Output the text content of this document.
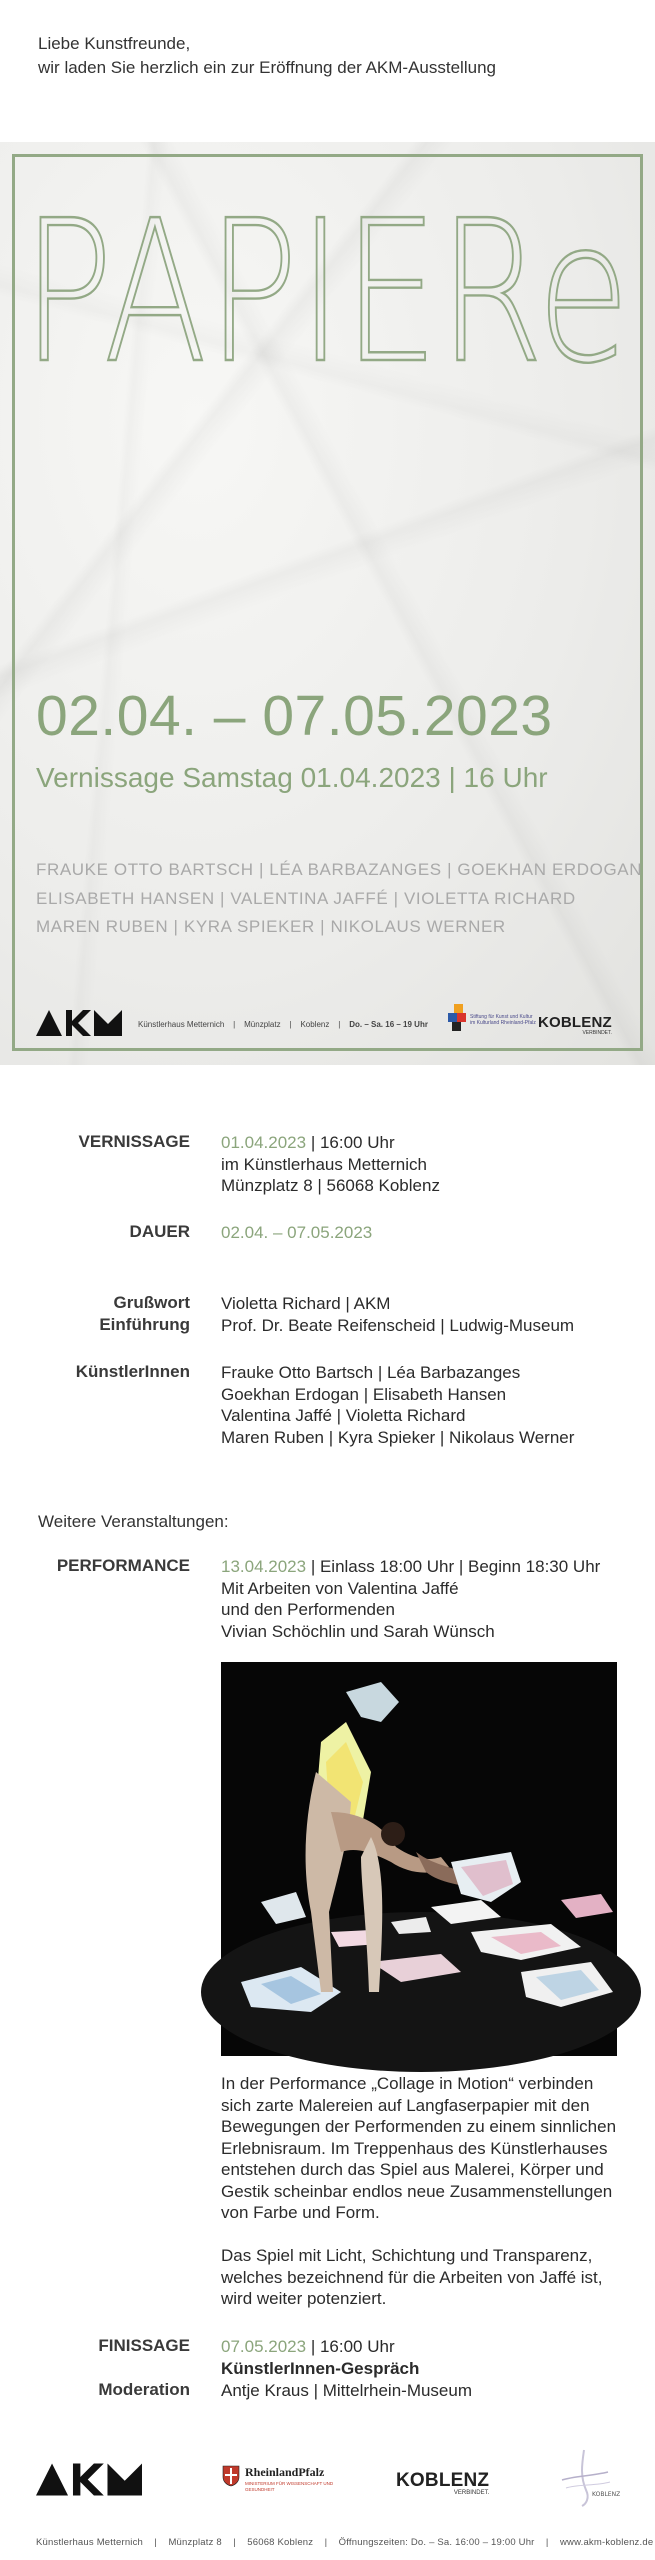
Liebe Kunstfreunde,
wir laden Sie herzlich ein zur Eröffnung der AKM-Ausstellung
PAPIERe
02.04. – 07.05.2023
Vernissage Samstag 01.04.2023 | 16 Uhr
FRAUKE OTTO BARTSCH | LÉA BARBAZANGES | GOEKHAN ERDOGAN
ELISABETH HANSEN | VALENTINA JAFFÉ | VIOLETTA RICHARD
MAREN RUBEN | KYRA SPIEKER | NIKOLAUS WERNER
Künstlerhaus Metternich | Münzplatz | Koblenz | Do. – Sa. 16 – 19 Uhr
Stiftung für Kunst und Kultur im Kulturland Rheinland-Pfalz KOBLENZ
VERBINDET.
VERNISSAGE 01.04.2023 | 16:00 Uhr
im Künstlerhaus Metternich
Münzplatz 8 | 56068 Koblenz
DAUER 02.04. – 07.05.2023
Grußwort Violetta Richard | AKM
Einführung Prof. Dr. Beate Reifenscheid | Ludwig-Museum
KünstlerInnen Frauke Otto Bartsch | Léa Barbazanges
Goekhan Erdogan | Elisabeth Hansen
Valentina Jaffé | Violetta Richard
Maren Ruben | Kyra Spieker | Nikolaus Werner
Weitere Veranstaltungen:
PERFORMANCE 13.04.2023 | Einlass 18:00 Uhr | Beginn 18:30 Uhr
Mit Arbeiten von Valentina Jaffé
und den Performenden
Vivian Schöchlin und Sarah Wünsch
In der Performance „Collage in Motion“ verbinden sich zarte Malereien auf Langfaserpapier mit den Bewegungen der Performenden zu einem sinnlichen Erlebnisraum. Im Treppenhaus des Künstlerhauses entstehen durch das Spiel aus Malerei, Körper und Gestik scheinbar endlos neue Zusammenstellungen von Farbe und Form.
Das Spiel mit Licht, Schichtung und Transparenz, welches bezeichnend für die Arbeiten von Jaffé ist, wird weiter potenziert.
FINISSAGE 07.05.2023 | 16:00 Uhr
KünstlerInnen-Gespräch
Moderation Antje Kraus | Mittelrhein-Museum
RheinlandPfalz
MINISTERIUM FÜR WISSENSCHAFT UND GESUNDHEIT	KOBLENZ
VERBINDET.	KOBLENZ
Künstlerhaus Metternich | Münzplatz 8 | 56068 Koblenz | Öffnungszeiten: Do. – Sa. 16:00 – 19:00 Uhr | www.akm-koblenz.de
